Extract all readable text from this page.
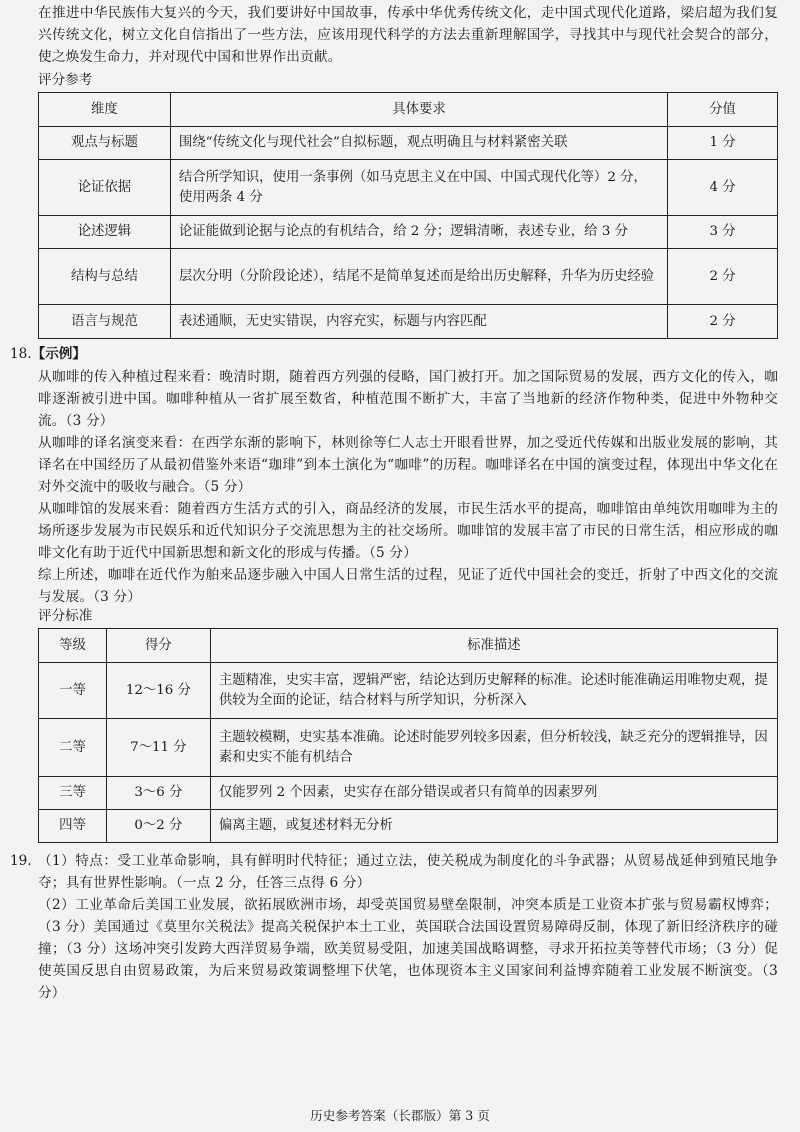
在推进中华民族伟大复兴的今天，我们要讲好中国故事，传承中华优秀传统文化，走中国式现代化道路，梁启超为我们复兴传统文化，树立文化自信指出了一些方法，应该用现代科学的方法去重新理解国学，寻找其中与现代社会契合的部分，使之焕发生命力，并对现代中国和世界作出贡献。

评分参考
维度	具体要求	分值
观点与标题	围绕“传统文化与现代社会”自拟标题，观点明确且与材料紧密关联	1 分
论证依据	结合所学知识，使用一条事例（如马克思主义在中国、中国式现代化等）2 分，使用两条 4 分	4 分
论述逻辑	论证能做到论据与论点的有机结合，给 2 分；逻辑清晰，表述专业，给 3 分	3 分
结构与总结	层次分明（分阶段论述），结尾不是简单复述而是给出历史解释，升华为历史经验	2 分
语言与规范	表述通顺，无史实错误，内容充实，标题与内容匹配	2 分
18.【示例】

从咖啡的传入种植过程来看：晚清时期，随着西方列强的侵略，国门被打开。加之国际贸易的发展，西方文化的传入，咖啡逐渐被引进中国。咖啡种植从一省扩展至数省，种植范围不断扩大，丰富了当地新的经济作物种类，促进中外物种交流。（3 分）

从咖啡的译名演变来看：在西学东渐的影响下，林则徐等仁人志士开眼看世界，加之受近代传媒和出版业发展的影响，其译名在中国经历了从最初借鉴外来语“珈琲”到本土演化为“咖啡”的历程。咖啡译名在中国的演变过程，体现出中华文化在对外交流中的吸收与融合。（5 分）

从咖啡馆的发展来看：随着西方生活方式的引入，商品经济的发展，市民生活水平的提高，咖啡馆由单纯饮用咖啡为主的场所逐步发展为市民娱乐和近代知识分子交流思想为主的社交场所。咖啡馆的发展丰富了市民的日常生活，相应形成的咖啡文化有助于近代中国新思想和新文化的形成与传播。（5 分）

综上所述，咖啡在近代作为舶来品逐步融入中国人日常生活的过程，见证了近代中国社会的变迁，折射了中西文化的交流与发展。（3 分）

评分标准
等级	得分	标准描述
一等	12～16 分	主题精准，史实丰富，逻辑严密，结论达到历史解释的标准。论述时能准确运用唯物史观，提供较为全面的论证，结合材料与所学知识，分析深入
二等	7～11 分	主题较模糊，史实基本准确。论述时能罗列较多因素，但分析较浅，缺乏充分的逻辑推导，因素和史实不能有机结合
三等	3～6 分	仅能罗列 2 个因素，史实存在部分错误或者只有简单的因素罗列
四等	0～2 分	偏离主题，或复述材料无分析
19. （1）特点：受工业革命影响，具有鲜明时代特征；通过立法，使关税成为制度化的斗争武器；从贸易战延伸到殖民地争夺；具有世界性影响。（一点 2 分，任答三点得 6 分）

（2）工业革命后美国工业发展，欲拓展欧洲市场，却受英国贸易壁垒限制，冲突本质是工业资本扩张与贸易霸权博弈；（3 分）美国通过《莫里尔关税法》提高关税保护本土工业，英国联合法国设置贸易障碍反制，体现了新旧经济秩序的碰撞；（3 分）这场冲突引发跨大西洋贸易争端，欧美贸易受阻，加速美国战略调整，寻求开拓拉美等替代市场；（3 分）促使英国反思自由贸易政策，为后来贸易政策调整埋下伏笔，也体现资本主义国家间利益博弈随着工业发展不断演变。（3 分）

历史参考答案（长郡版）第 3 页
